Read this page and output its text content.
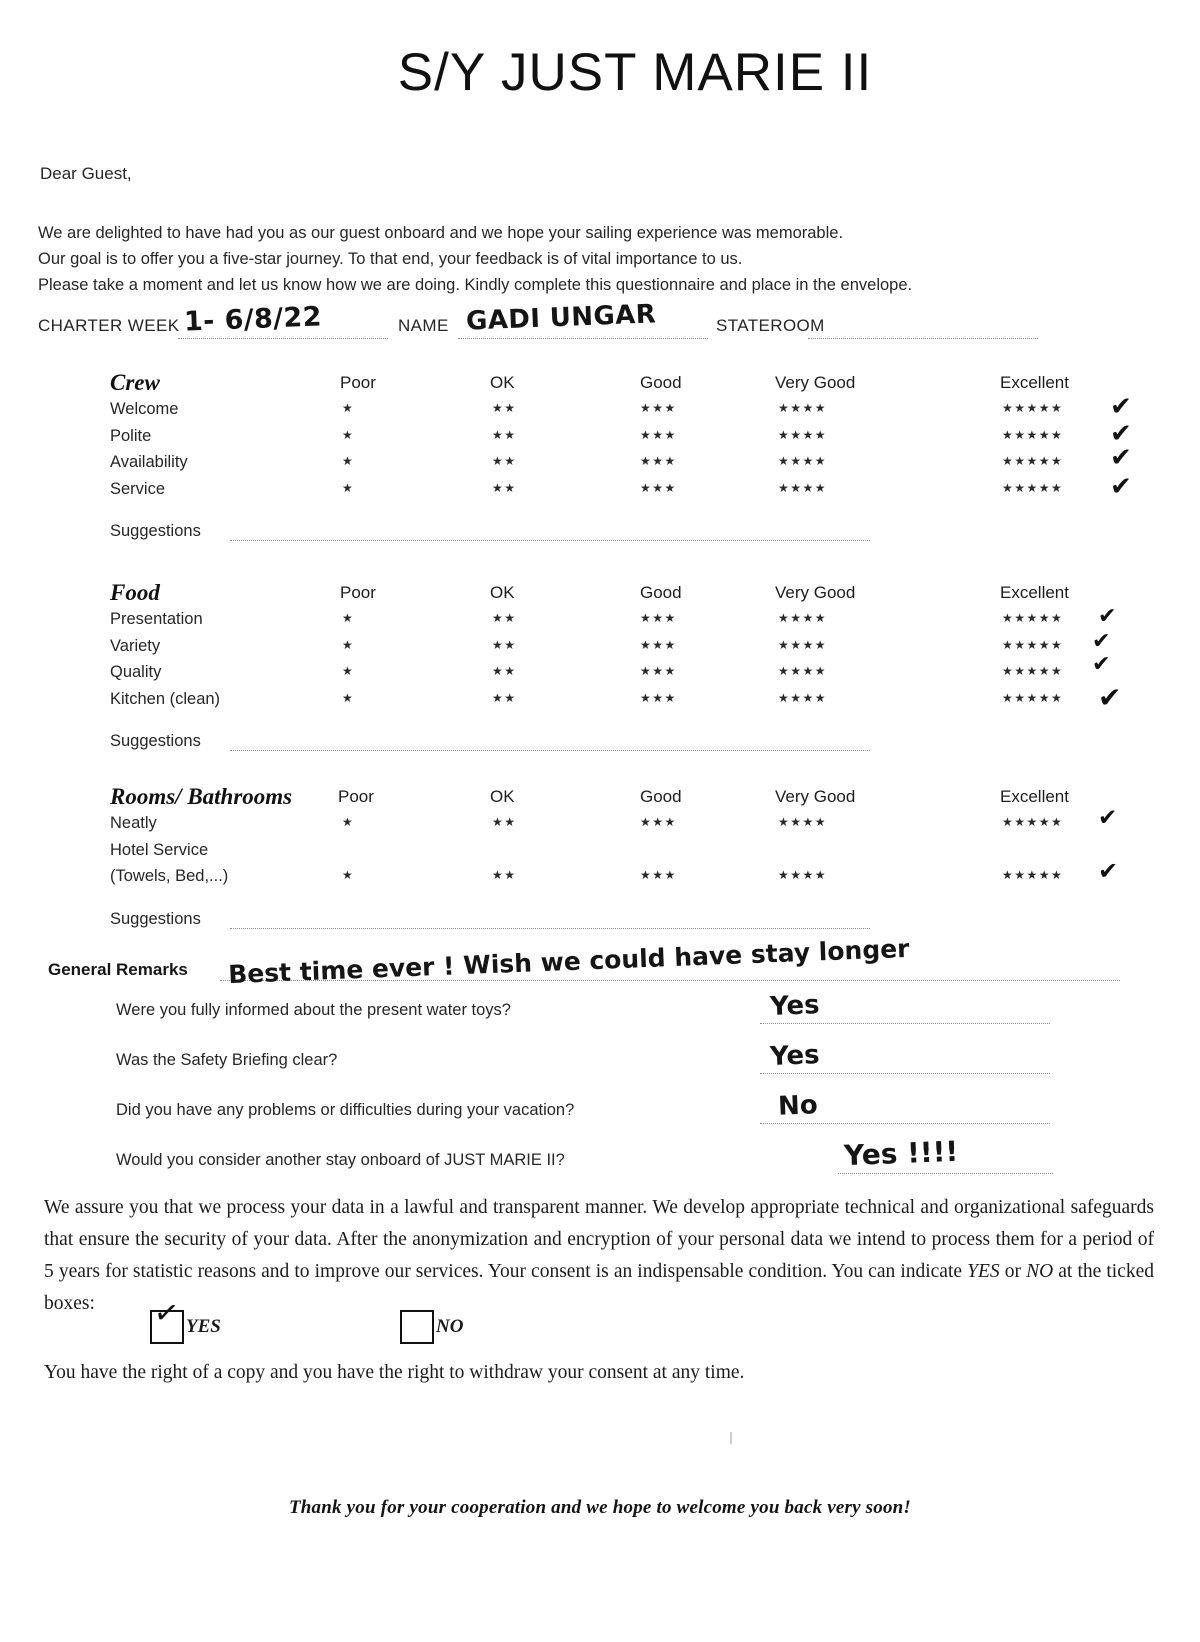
S/Y JUST MARIE II
Dear Guest,
We are delighted to have had you as our guest onboard and we hope your sailing experience was memorable.
Our goal is to offer you a five-star journey. To that end, your feedback is of vital importance to us.
Please take a moment and let us know how we are doing. Kindly complete this questionnaire and place in the envelope.
CHARTER WEEK 1- 6/8/22	NAME GADI UNGAR	STATEROOM
Crew	Poor	OK	Good	Very Good	Excellent
Welcome	★	★★	★★★	★★★★	★★★★★ ✔
Polite	★	★★	★★★	★★★★	★★★★★ ✔
Availability	★	★★	★★★	★★★★	★★★★★ ✔
Service	★	★★	★★★	★★★★	★★★★★ ✔
Suggestions
Food	Poor	OK	Good	Very Good	Excellent
Presentation	★	★★	★★★	★★★★	★★★★★ ✔
Variety	★	★★	★★★	★★★★	★★★★★ ✔
Quality	★	★★	★★★	★★★★	★★★★★ ✔
Kitchen (clean)	★	★★	★★★	★★★★	★★★★★ ✔
Suggestions
Rooms/ Bathrooms	Poor	OK	Good	Very Good	Excellent
Neatly	★	★★	★★★	★★★★	★★★★★ ✔
Hotel Service
(Towels, Bed,...)	★	★★	★★★	★★★★	★★★★★ ✔
Suggestions
General Remarks Best time ever ! Wish we could have stay longer
Were you fully informed about the present water toys?	Yes
Was the Safety Briefing clear?	Yes
Did you have any problems or difficulties during your vacation?	No
Would you consider another stay onboard of JUST MARIE II?	Yes !!!!
We assure you that we process your data in a lawful and transparent manner. We develop appropriate technical and organizational safeguards that ensure the security of your data. After the anonymization and encryption of your personal data we intend to process them for a period of 5 years for statistic reasons and to improve our services. Your consent is an indispensable condition. You can indicate YES or NO at the ticked boxes:	✓ YES	NO
You have the right of a copy and you have the right to withdraw your consent at any time.
Thank you for your cooperation and we hope to welcome you back very soon!
